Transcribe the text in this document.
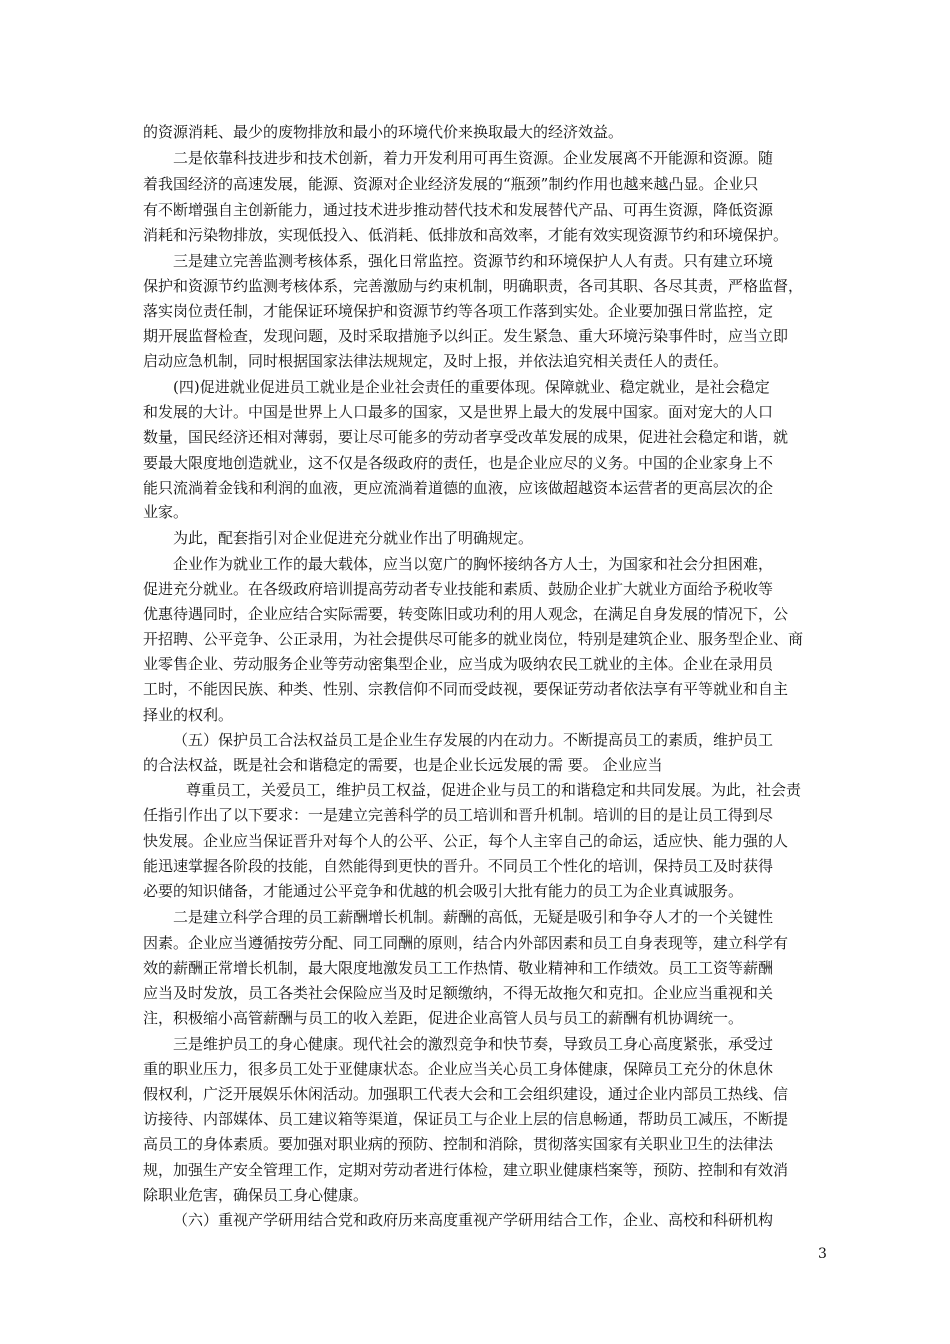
的资源消耗、最少的废物排放和最小的环境代价来换取最大的经济效益。
二是依靠科技进步和技术创新，着力开发利用可再生资源。企业发展离不开能源和资源。随
着我国经济的高速发展，能源、资源对企业经济发展的“瓶颈”制约作用也越来越凸显。企业只
有不断增强自主创新能力，通过技术进步推动替代技术和发展替代产品、可再生资源，降低资源
消耗和污染物排放，实现低投入、低消耗、低排放和高效率，才能有效实现资源节约和环境保护。
三是建立完善监测考核体系，强化日常监控。资源节约和环境保护人人有责。只有建立环境
保护和资源节约监测考核体系，完善激励与约束机制，明确职责，各司其职、各尽其责，严格监督，
落实岗位责任制，才能保证环境保护和资源节约等各项工作落到实处。企业要加强日常监控，定
期开展监督检查，发现问题，及时采取措施予以纠正。发生紧急、重大环境污染事件时，应当立即
启动应急机制，同时根据国家法律法规规定，及时上报，并依法追究相关责任人的责任。
(四)促进就业促进员工就业是企业社会责任的重要体现。保障就业、稳定就业，是社会稳定
和发展的大计。中国是世界上人口最多的国家，又是世界上最大的发展中国家。面对宠大的人口
数量，国民经济还相对薄弱，要让尽可能多的劳动者享受改革发展的成果，促进社会稳定和谐，就
要最大限度地创造就业，这不仅是各级政府的责任，也是企业应尽的义务。中国的企业家身上不
能只流淌着金钱和利润的血液，更应流淌着道德的血液，应该做超越资本运营者的更高层次的企
业家。
为此，配套指引对企业促进充分就业作出了明确规定。
企业作为就业工作的最大载体，应当以宽广的胸怀接纳各方人士，为国家和社会分担困难，
促进充分就业。在各级政府培训提高劳动者专业技能和素质、鼓励企业扩大就业方面给予税收等
优惠待遇同时，企业应结合实际需要，转变陈旧或功利的用人观念，在满足自身发展的情况下，公
开招聘、公平竞争、公正录用，为社会提供尽可能多的就业岗位，特别是建筑企业、服务型企业、商
业零售企业、劳动服务企业等劳动密集型企业，应当成为吸纳农民工就业的主体。企业在录用员
工时，不能因民族、种类、性别、宗教信仰不同而受歧视，要保证劳动者依法享有平等就业和自主
择业的权利。
（五）保护员工合法权益员工是企业生存发展的内在动力。不断提高员工的素质，维护员工
的合法权益，既是社会和谐稳定的需要，也是企业长远发展的需 要。 企业应当
尊重员工，关爱员工，维护员工权益，促进企业与员工的和谐稳定和共同发展。为此，社会责
任指引作出了以下要求：一是建立完善科学的员工培训和晋升机制。培训的目的是让员工得到尽
快发展。企业应当保证晋升对每个人的公平、公正，每个人主宰自己的命运，适应快、能力强的人
能迅速掌握各阶段的技能，自然能得到更快的晋升。不同员工个性化的培训，保持员工及时获得
必要的知识储备，才能通过公平竞争和优越的机会吸引大批有能力的员工为企业真诚服务。
二是建立科学合理的员工薪酬增长机制。薪酬的高低，无疑是吸引和争夺人才的一个关键性
因素。企业应当遵循按劳分配、同工同酬的原则，结合内外部因素和员工自身表现等，建立科学有
效的薪酬正常增长机制，最大限度地激发员工工作热情、敬业精神和工作绩效。员工工资等薪酬
应当及时发放，员工各类社会保险应当及时足额缴纳，不得无故拖欠和克扣。企业应当重视和关
注，积极缩小高管薪酬与员工的收入差距，促进企业高管人员与员工的薪酬有机协调统一。
三是维护员工的身心健康。现代社会的激烈竞争和快节奏，导致员工身心高度紧张，承受过
重的职业压力，很多员工处于亚健康状态。企业应当关心员工身体健康，保障员工充分的休息休
假权利，广泛开展娱乐休闲活动。加强职工代表大会和工会组织建设，通过企业内部员工热线、信
访接待、内部媒体、员工建议箱等渠道，保证员工与企业上层的信息畅通，帮助员工减压，不断提
高员工的身体素质。要加强对职业病的预防、控制和消除，贯彻落实国家有关职业卫生的法律法
规，加强生产安全管理工作，定期对劳动者进行体检，建立职业健康档案等，预防、控制和有效消
除职业危害，确保员工身心健康。
（六）重视产学研用结合党和政府历来高度重视产学研用结合工作，企业、高校和科研机构
3
